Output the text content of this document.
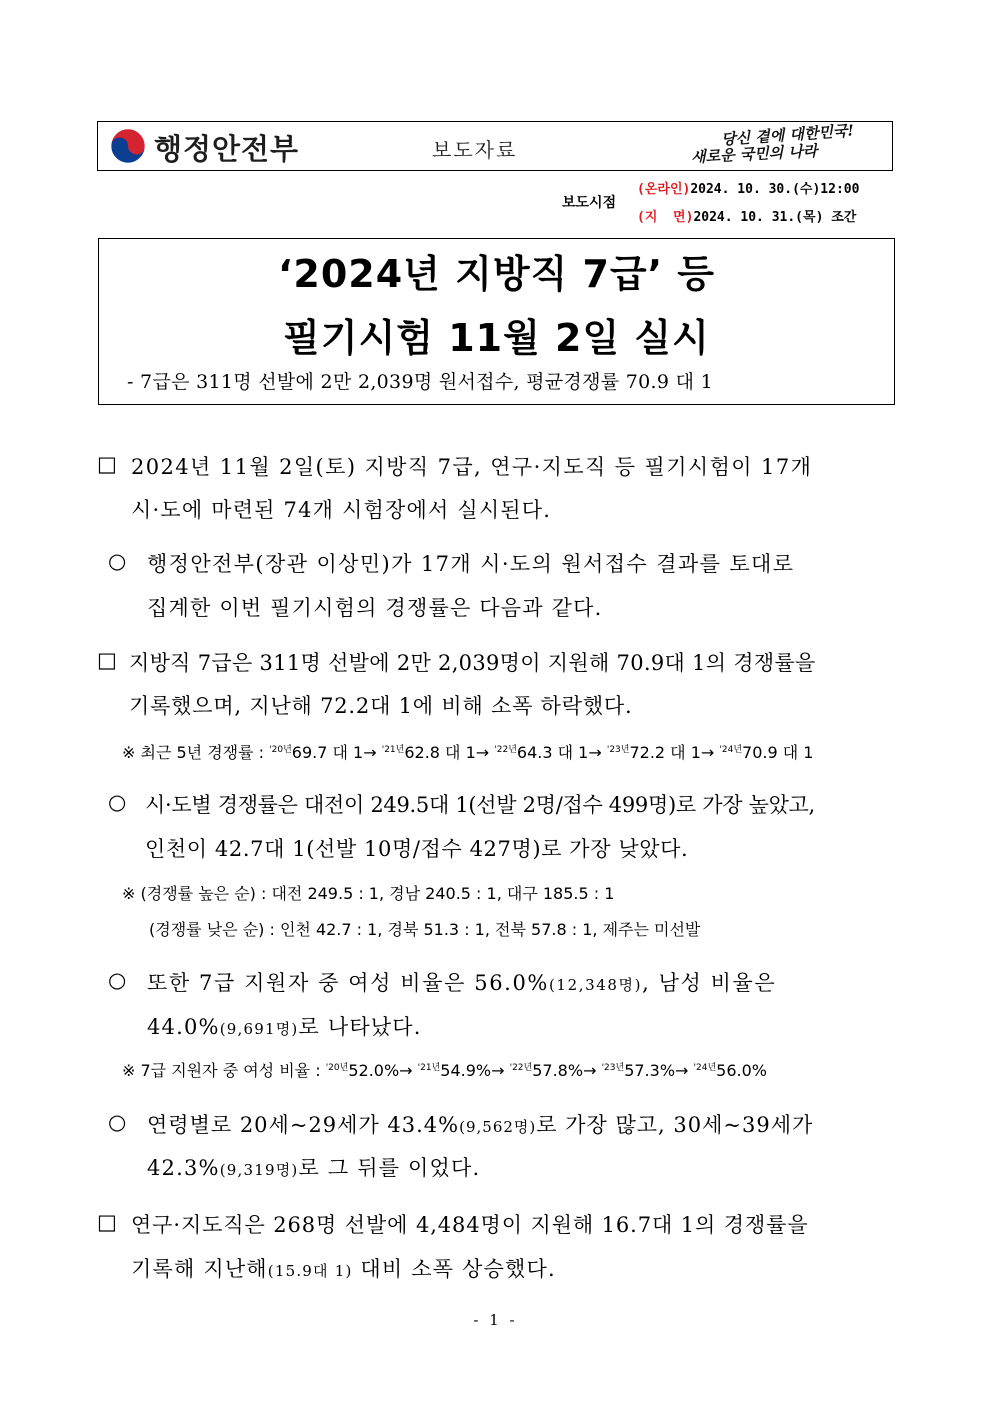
행정안전부	보도자료
당신 곁에 대한민국!
새로운 국민의 나라
보도시점
(온라인)2024. 10. 30.(수)12:00
(지  면)2024. 10. 31.(목) 조간
‘2024년 지방직 7급’ 등
필기시험 11월 2일 실시
- 7급은 311명 선발에 2만 2,039명 원서접수, 평균경쟁률 70.9 대 1
□ 2024년 11월 2일(토) 지방직 7급, 연구·지도직 등 필기시험이 17개
시·도에 마련된 74개 시험장에서 실시된다.
○ 행정안전부(장관 이상민)가 17개 시·도의 원서접수 결과를 토대로
집계한 이번 필기시험의 경쟁률은 다음과 같다.
□ 지방직 7급은 311명 선발에 2만 2,039명이 지원해 70.9대 1의 경쟁률을
기록했으며, 지난해 72.2대 1에 비해 소폭 하락했다.
※ 최근 5년 경쟁률 : $^{'20년}$69.7 대 1→ $^{'21년}$62.8 대 1→ $^{'22년}$64.3 대 1→ $^{'23년}$72.2 대 1→ $^{'24년}$70.9 대 1
○ 시·도별 경쟁률은 대전이 249.5대 1(선발 2명/접수 499명)로 가장 높았고,
인천이 42.7대 1(선발 10명/접수 427명)로 가장 낮았다.
※ (경쟁률 높은 순) : 대전 249.5 : 1, 경남 240.5 : 1, 대구 185.5 : 1
(경쟁률 낮은 순) : 인천 42.7 : 1, 경북 51.3 : 1, 전북 57.8 : 1, 제주는 미선발
○ 또한 7급 지원자 중 여성 비율은 56.0%(12,348명), 남성 비율은
44.0%(9,691명)로 나타났다.
※ 7급 지원자 중 여성 비율 : $^{'20년}$52.0%→ $^{'21년}$54.9%→ $^{'22년}$57.8%→ $^{'23년}$57.3%→ $^{'24년}$56.0%
○ 연령별로 20세~29세가 43.4%(9,562명)로 가장 많고, 30세~39세가
42.3%(9,319명)로 그 뒤를 이었다.
□ 연구·지도직은 268명 선발에 4,484명이 지원해 16.7대 1의 경쟁률을
기록해 지난해(15.9대 1) 대비 소폭 상승했다.
- 1 -
